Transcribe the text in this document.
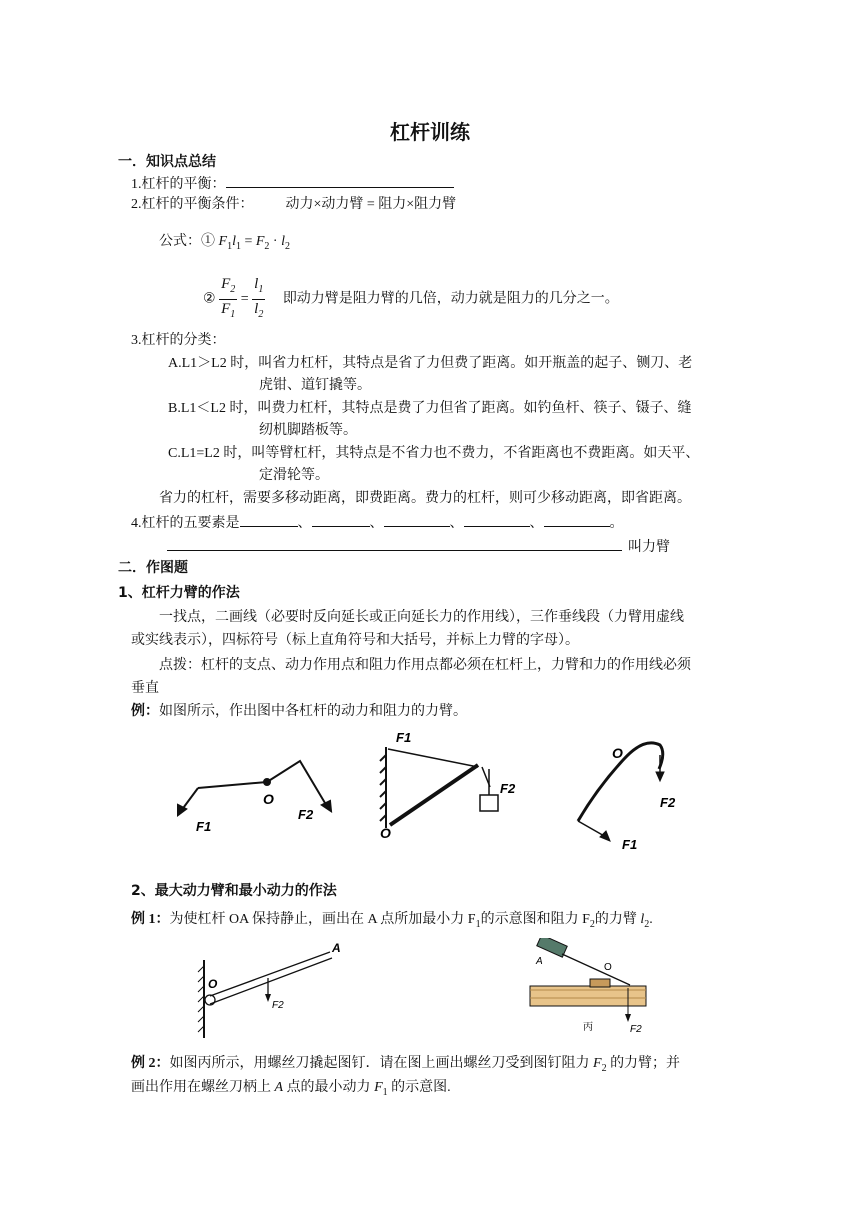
杠杆训练
一．知识点总结
1.杠杆的平衡：
2.杠杆的平衡条件： 动力×动力臂 = 阻力×阻力臂
公式：① $F_1l_1 = F_2 \cdot l_2$
② $\frac{F_2}{F_1} = \frac{l_1}{l_2}$ 即动力臂是阻力臂的几倍，动力就是阻力的几分之一。
3.杠杆的分类：
A.L1＞L2 时，叫省力杠杆，其特点是省了力但费了距离。如开瓶盖的起子、铡刀、老
虎钳、道钉撬等。
B.L1＜L2 时，叫费力杠杆，其特点是费了力但省了距离。如钓鱼杆、筷子、镊子、缝
纫机脚踏板等。
C.L1=L2 时，叫等臂杠杆，其特点是不省力也不费力，不省距离也不费距离。如天平、
定滑轮等。
省力的杠杆，需要多移动距离，即费距离。费力的杠杆，则可少移动距离，即省距离。
4.杠杆的五要素是	、	、	、	、	。
叫力臂
二．作图题
1、杠杆力臂的作法
一找点，二画线（必要时反向延长或正向延长力的作用线），三作垂线段（力臂用虚线
或实线表示），四标符号（标上直角符号和大括号，并标上力臂的字母）。
点拨：杠杆的支点、动力作用点和阻力作用点都必须在杠杆上，力臂和力的作用线必须
垂直
例：如图所示，作出图中各杠杆的动力和阻力的力臂。
O
F1
F2
F1
F2
O
O
F2
F1
2、最大动力臂和最小动力的作法
例 1：为使杠杆 OA 保持静止，画出在 A 点所加最小力 $F_1$的示意图和阻力 $F_2$的力臂 $l_2$.
A
O
F2
A
O
丙	F2
例 2：如图丙所示，用螺丝刀撬起图钉．请在图上画出螺丝刀受到图钉阻力 $F_2$ 的力臂；并
画出作用在螺丝刀柄上 A 点的最小动力 $F_1$ 的示意图.
